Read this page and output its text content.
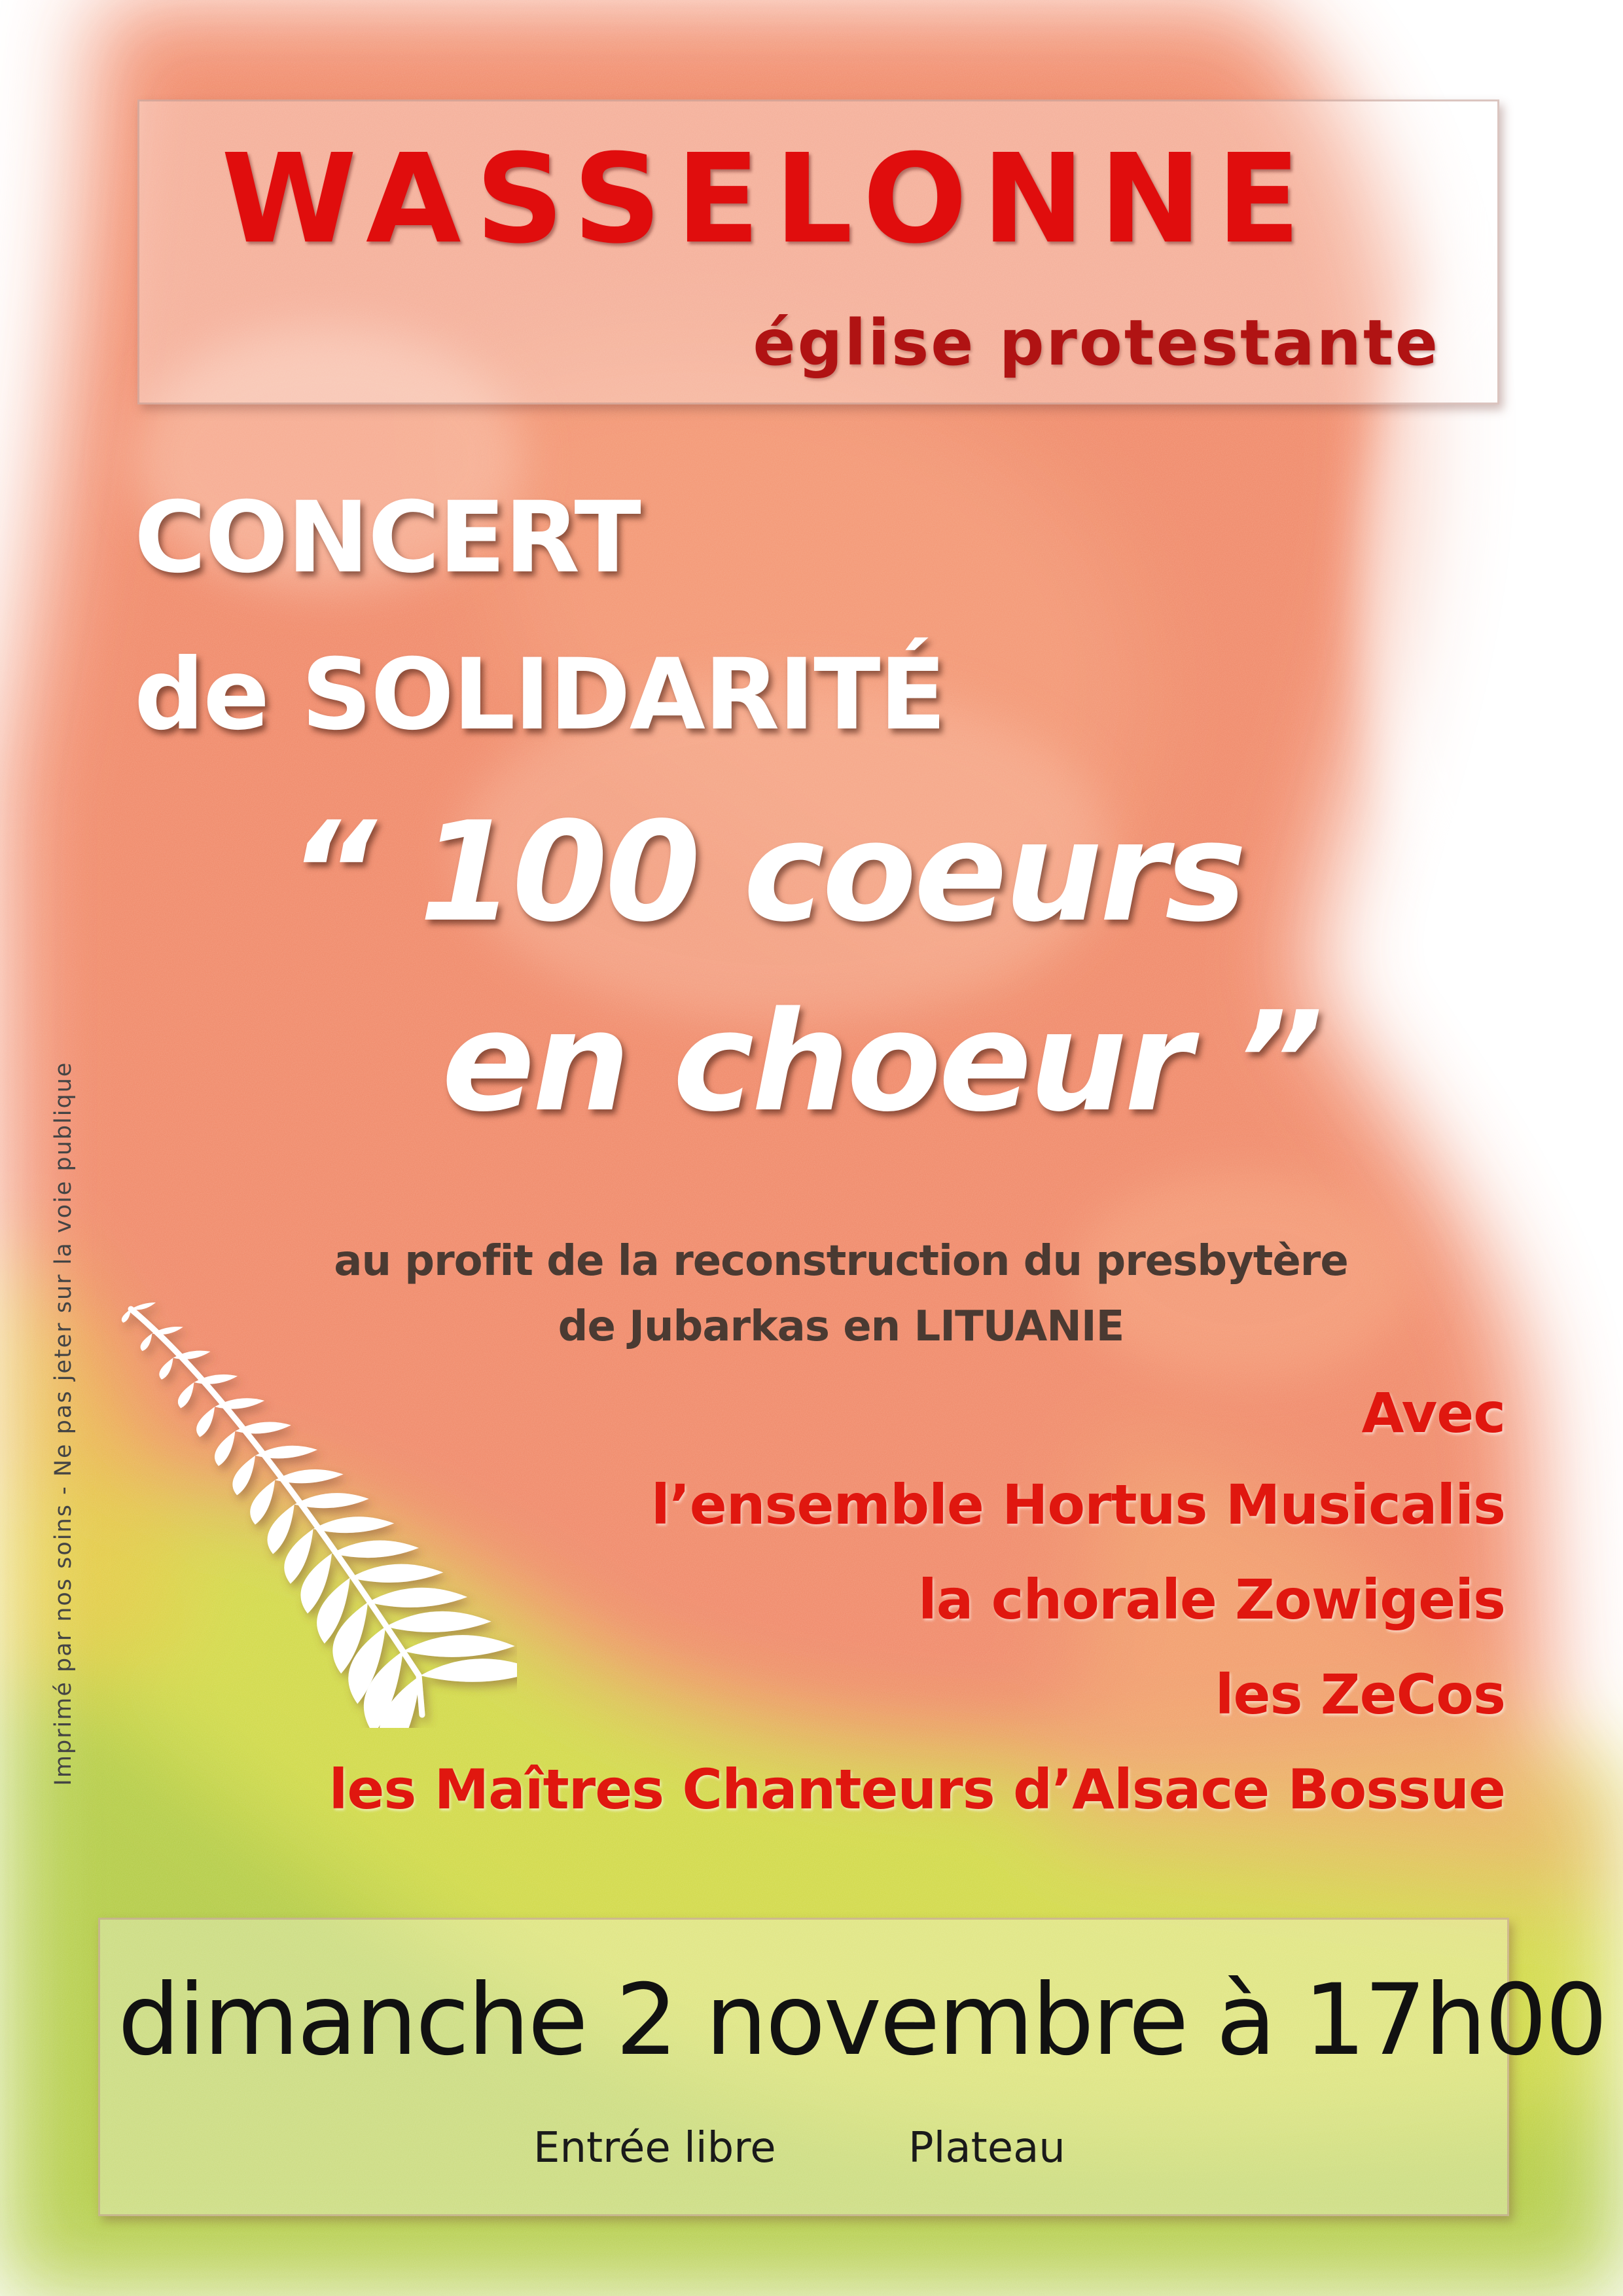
WASSELONNE
église protestante
CONCERT
de SOLIDARITÉ
“ 100 coeurs
en choeur ”
au profit de la reconstruction du presbytère
de Jubarkas en LITUANIE
Avec
l’ensemble Hortus Musicalis
la chorale Zowigeis
les ZeCos
les Maîtres Chanteurs d’Alsace Bossue
dimanche 2 novembre à 17h00
Entrée libre	Plateau
Imprimé par nos soins - Ne pas jeter sur la voie publique
